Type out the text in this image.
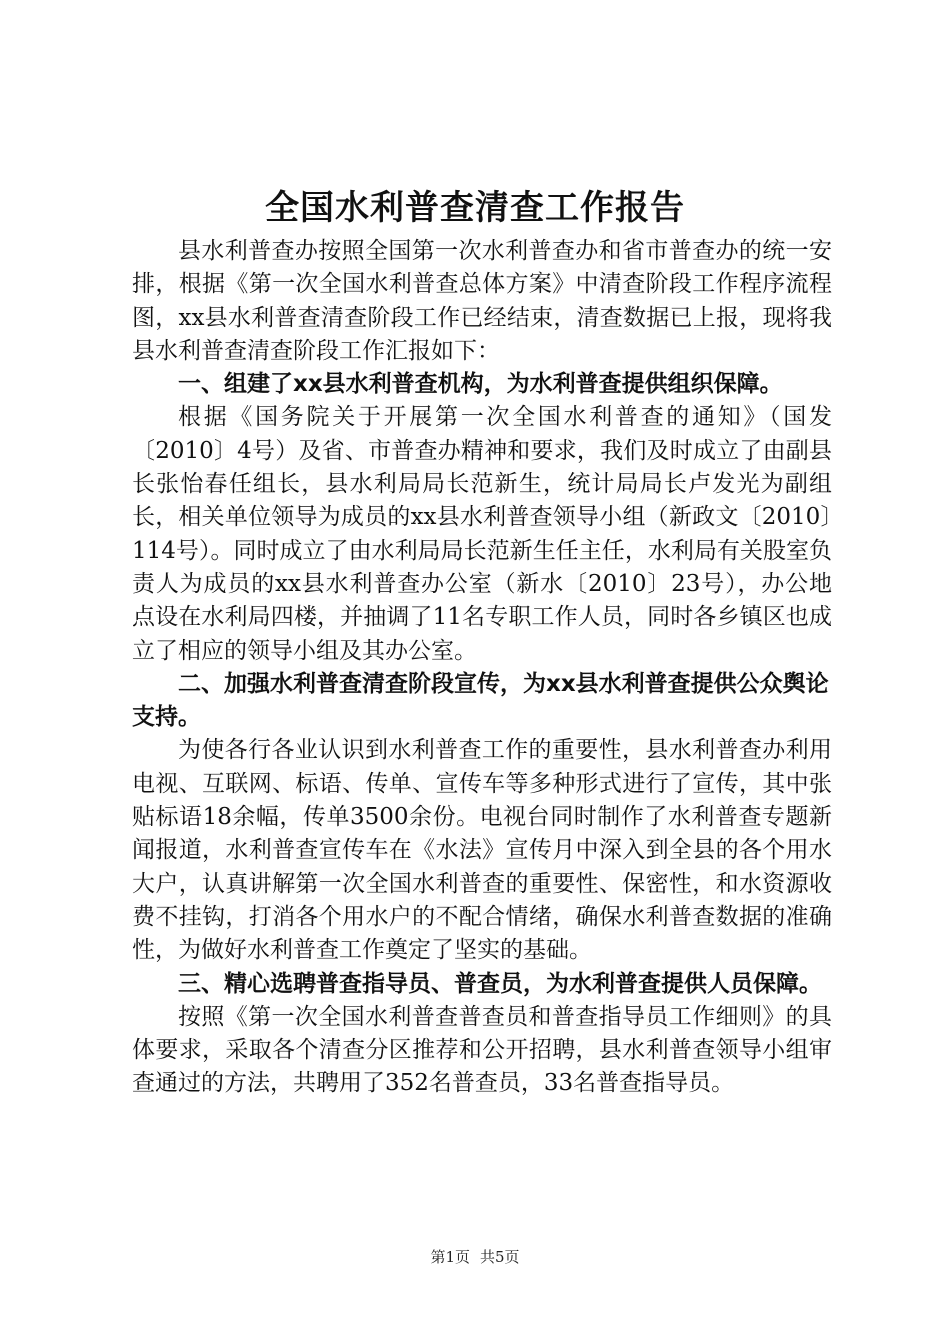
全国水利普查清查工作报告

县水利普查办按照全国第一次水利普查办和省市普查办的统一安排，根据《第一次全国水利普查总体方案》中清查阶段工作程序流程图，xx县水利普查清查阶段工作已经结束，清查数据已上报，现将我县水利普查清查阶段工作汇报如下：

一、组建了xx县水利普查机构，为水利普查提供组织保障。

根据《国务院关于开展第一次全国水利普查的通知》（国发〔2010〕4号）及省、市普查办精神和要求，我们及时成立了由副县长张怡春任组长，县水利局局长范新生，统计局局长卢发光为副组长，相关单位领导为成员的xx县水利普查领导小组（新政文〔2010〕114号）。同时成立了由水利局局长范新生任主任，水利局有关股室负责人为成员的xx县水利普查办公室（新水〔2010〕23号），办公地点设在水利局四楼，并抽调了11名专职工作人员，同时各乡镇区也成立了相应的领导小组及其办公室。

二、加强水利普查清查阶段宣传，为xx县水利普查提供公众舆论支持。

为使各行各业认识到水利普查工作的重要性，县水利普查办利用电视、互联网、标语、传单、宣传车等多种形式进行了宣传，其中张贴标语18余幅，传单3500余份。电视台同时制作了水利普查专题新闻报道，水利普查宣传车在《水法》宣传月中深入到全县的各个用水大户，认真讲解第一次全国水利普查的重要性、保密性，和水资源收费不挂钩，打消各个用水户的不配合情绪，确保水利普查数据的准确性，为做好水利普查工作奠定了坚实的基础。

三、精心选聘普查指导员、普查员，为水利普查提供人员保障。

按照《第一次全国水利普查普查员和普查指导员工作细则》的具体要求，采取各个清查分区推荐和公开招聘，县水利普查领导小组审查通过的方法，共聘用了352名普查员，33名普查指导员。

第1页 共5页
